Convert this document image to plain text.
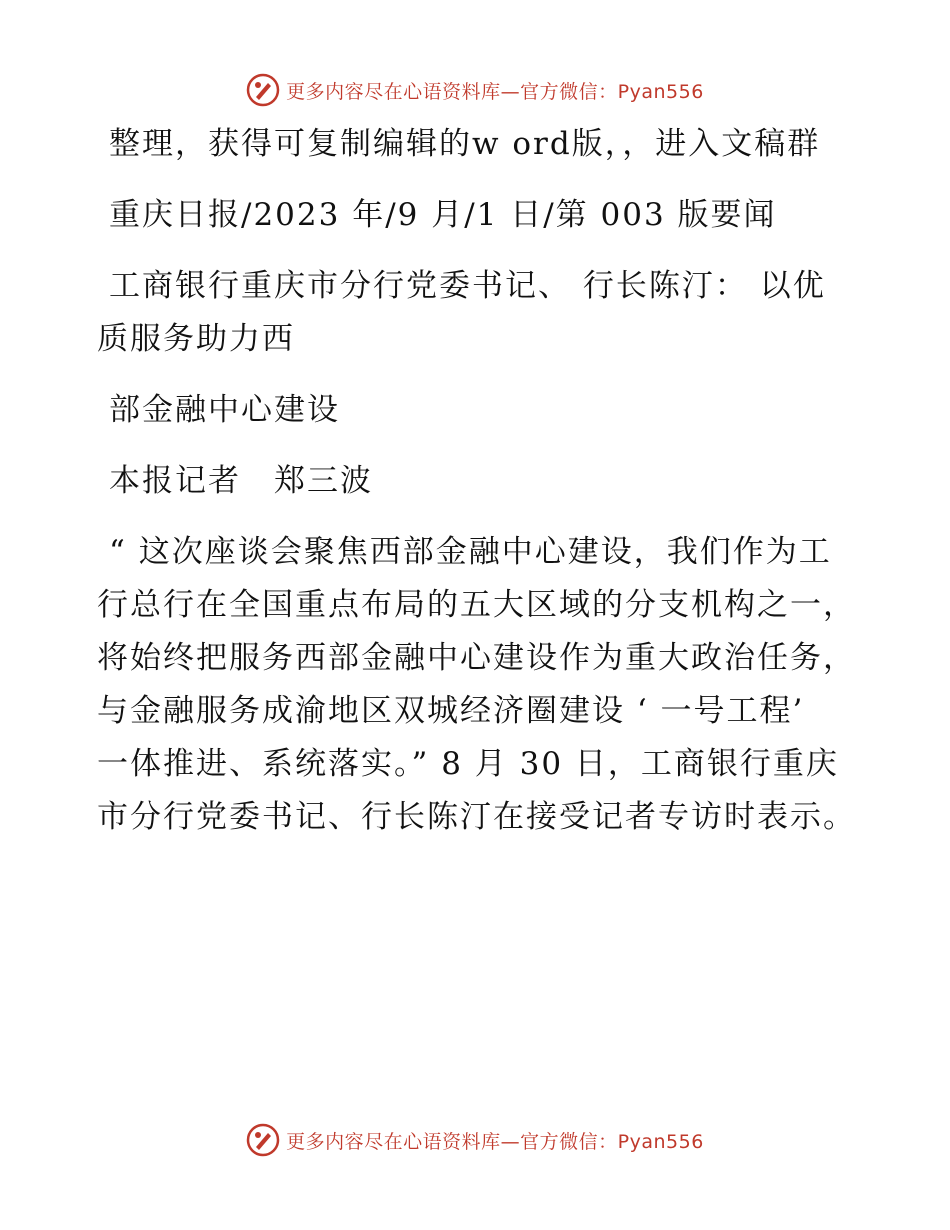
更多内容尽在心语资料库—官方微信：Pyan556

整理，获得可复制编辑的w ord版，，进入文稿群

重庆日报/2023 年/9 月/1 日/第 003 版要闻

工商银行重庆市分行党委书记、 行长陈汀： 以优质服务助力西

部金融中心建设

本报记者　郑三波

“ 这次座谈会聚焦西部金融中心建设，我们作为工行总行在全国重点布局的五大区域的分支机构之一，将始终把服务西部金融中心建设作为重大政治任务，与金融服务成渝地区双城经济圈建设 ‘ 一号工程’　一体推进、系统落实。” 8 月 30 日，工商银行重庆市分行党委书记、行长陈汀在接受记者专访时表示。

更多内容尽在心语资料库—官方微信：Pyan556
